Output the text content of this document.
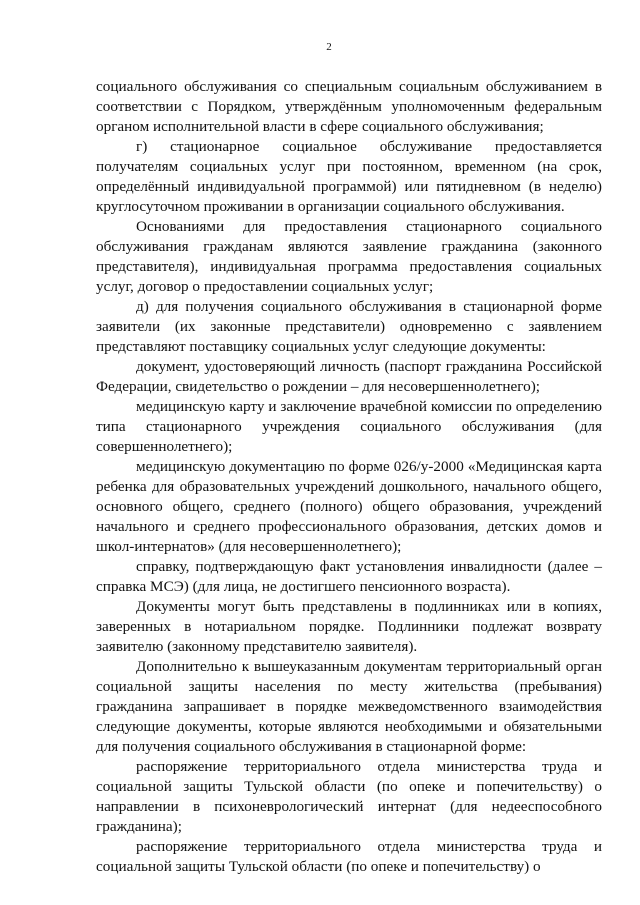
2

социального обслуживания со специальным социальным обслуживанием в соответствии с Порядком, утверждённым уполномоченным федеральным органом исполнительной власти в сфере социального обслуживания;

г) стационарное социальное обслуживание предоставляется получателям социальных услуг при постоянном, временном (на срок, определённый индивидуальной программой) или пятидневном (в неделю) круглосуточном проживании в организации социального обслуживания.

Основаниями для предоставления стационарного социального обслуживания гражданам являются заявление гражданина (законного представителя), индивидуальная программа предоставления социальных услуг, договор о предоставлении социальных услуг;

д) для получения социального обслуживания в стационарной форме заявители (их законные представители) одновременно с заявлением представляют поставщику социальных услуг следующие документы:

документ, удостоверяющий личность (паспорт гражданина Российской Федерации, свидетельство о рождении – для несовершеннолетнего);

медицинскую карту и заключение врачебной комиссии по определению типа стационарного учреждения социального обслуживания (для совершеннолетнего);

медицинскую документацию по форме 026/у-2000 «Медицинская карта ребенка для образовательных учреждений дошкольного, начального общего, основного общего, среднего (полного) общего образования, учреждений начального и среднего профессионального образования, детских домов и школ-интернатов» (для несовершеннолетнего);

справку, подтверждающую факт установления инвалидности (далее – справка МСЭ) (для лица, не достигшего пенсионного возраста).

Документы могут быть представлены в подлинниках или в копиях, заверенных в нотариальном порядке. Подлинники подлежат возврату заявителю (законному представителю заявителя).

Дополнительно к вышеуказанным документам территориальный орган социальной защиты населения по месту жительства (пребывания) гражданина запрашивает в порядке межведомственного взаимодействия следующие документы, которые являются необходимыми и обязательными для получения социального обслуживания в стационарной форме:

распоряжение территориального отдела министерства труда и социальной защиты Тульской области (по опеке и попечительству) о направлении в психоневрологический интернат (для недееспособного гражданина);

распоряжение территориального отдела министерства труда и социальной защиты Тульской области (по опеке и попечительству) о
